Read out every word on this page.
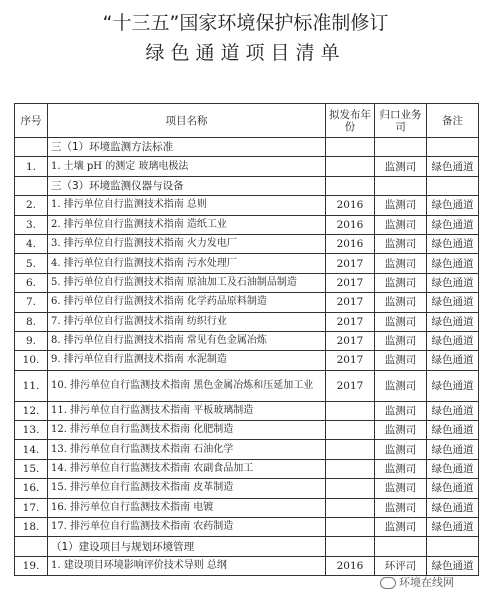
“十三五”国家环境保护标准制修订
绿色通道项目清单
序号	项目名称	拟发布年份	归口业务司	备注
	三（1）环境监测方法标准			
1.	1. 土壤 pH 的测定 玻璃电极法		监测司	绿色通道
	三（3）环境监测仪器与设备			
2.	1. 排污单位自行监测技术指南 总则	2016	监测司	绿色通道
3.	2. 排污单位自行监测技术指南 造纸工业	2016	监测司	绿色通道
4.	3. 排污单位自行监测技术指南 火力发电厂	2016	监测司	绿色通道
5.	4. 排污单位自行监测技术指南 污水处理厂	2017	监测司	绿色通道
6.	5. 排污单位自行监测技术指南 原油加工及石油制品制造	2017	监测司	绿色通道
7.	6. 排污单位自行监测技术指南 化学药品原料制造	2017	监测司	绿色通道
8.	7. 排污单位自行监测技术指南 纺织行业	2017	监测司	绿色通道
9.	8. 排污单位自行监测技术指南 常见有色金属冶炼	2017	监测司	绿色通道
10.	9. 排污单位自行监测技术指南 水泥制造	2017	监测司	绿色通道
11.	10. 排污单位自行监测技术指南 黑色金属冶炼和压延加工业	2017	监测司	绿色通道
12.	11. 排污单位自行监测技术指南 平板玻璃制造		监测司	绿色通道
13.	12. 排污单位自行监测技术指南 化肥制造		监测司	绿色通道
14.	13. 排污单位自行监测技术指南 石油化学		监测司	绿色通道
15.	14. 排污单位自行监测技术指南 农副食品加工		监测司	绿色通道
16.	15. 排污单位自行监测技术指南 皮革制造		监测司	绿色通道
17.	16. 排污单位自行监测技术指南 电镀		监测司	绿色通道
18.	17. 排污单位自行监测技术指南 农药制造		监测司	绿色通道
	（1）建设项目与规划环境管理			
19.	1. 建设项目环境影响评价技术导则 总纲	2016	环评司	绿色通道
环境在线网
